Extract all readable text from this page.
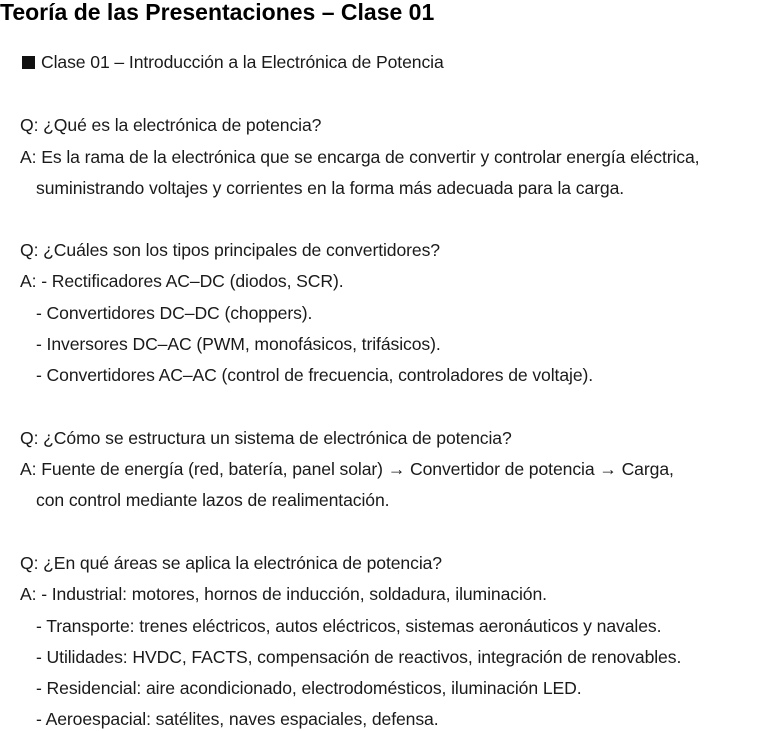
Teoría de las Presentaciones – Clase 01
Clase 01 – Introducción a la Electrónica de Potencia
Q: ¿Qué es la electrónica de potencia?
A: Es la rama de la electrónica que se encarga de convertir y controlar energía eléctrica,
suministrando voltajes y corrientes en la forma más adecuada para la carga.
Q: ¿Cuáles son los tipos principales de convertidores?
A: - Rectificadores AC–DC (diodos, SCR).
- Convertidores DC–DC (choppers).
- Inversores DC–AC (PWM, monofásicos, trifásicos).
- Convertidores AC–AC (control de frecuencia, controladores de voltaje).
Q: ¿Cómo se estructura un sistema de electrónica de potencia?
A: Fuente de energía (red, batería, panel solar) → Convertidor de potencia → Carga,
con control mediante lazos de realimentación.
Q: ¿En qué áreas se aplica la electrónica de potencia?
A: - Industrial: motores, hornos de inducción, soldadura, iluminación.
- Transporte: trenes eléctricos, autos eléctricos, sistemas aeronáuticos y navales.
- Utilidades: HVDC, FACTS, compensación de reactivos, integración de renovables.
- Residencial: aire acondicionado, electrodomésticos, iluminación LED.
- Aeroespacial: satélites, naves espaciales, defensa.
